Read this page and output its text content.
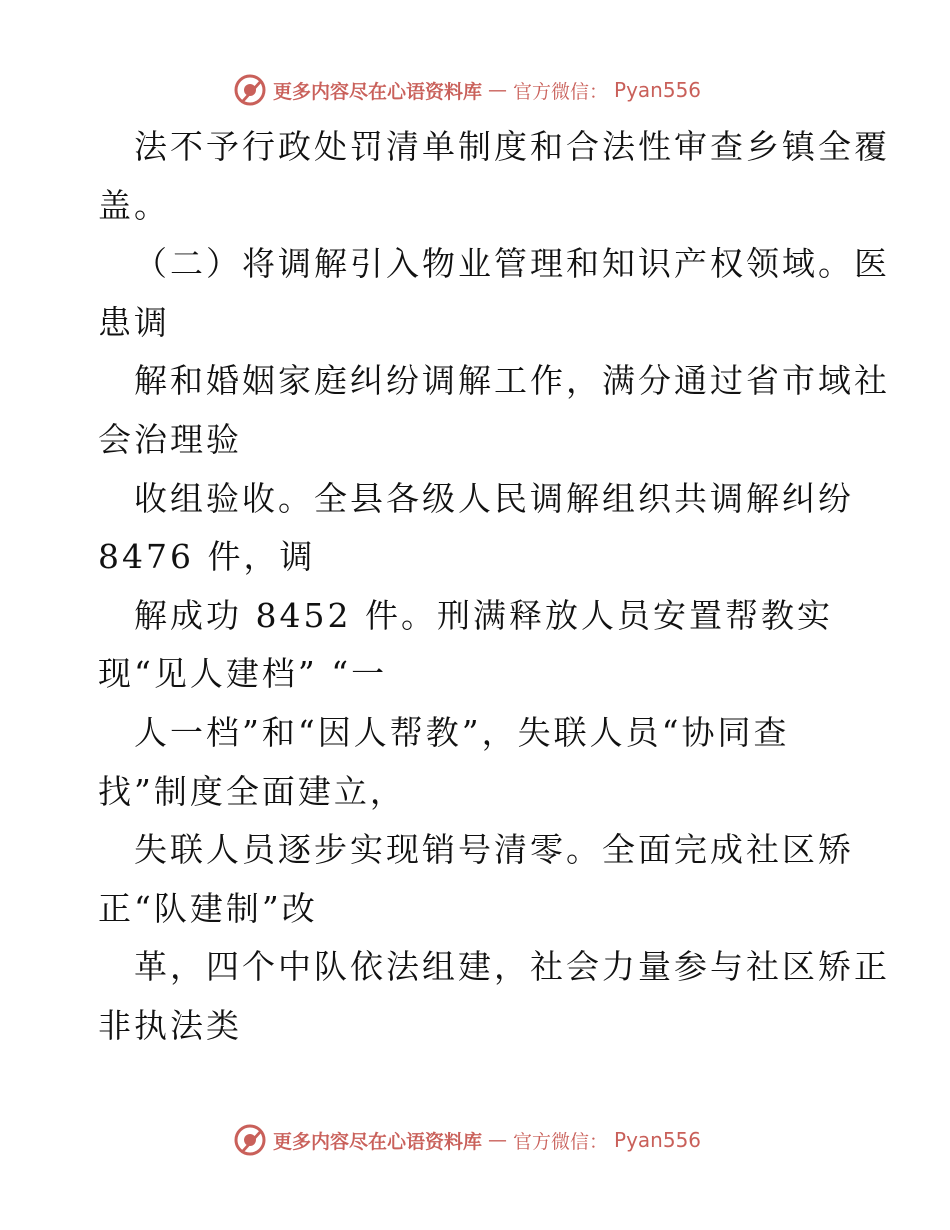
更多内容尽在心语资料库 — 官方微信： Pyan556
法不予行政处罚清单制度和合法性审查乡镇全覆
盖。
（二）将调解引入物业管理和知识产权领域。医
患调
解和婚姻家庭纠纷调解工作，满分通过省市域社
会治理验
收组验收。全县各级人民调解组织共调解纠纷
8476 件，调
解成功 8452 件。刑满释放人员安置帮教实
现“见人建档” “一
人一档”和“因人帮教”，失联人员“协同查
找”制度全面建立，
失联人员逐步实现销号清零。全面完成社区矫
正“队建制”改
革，四个中队依法组建，社会力量参与社区矫正
非执法类
更多内容尽在心语资料库 — 官方微信： Pyan556
